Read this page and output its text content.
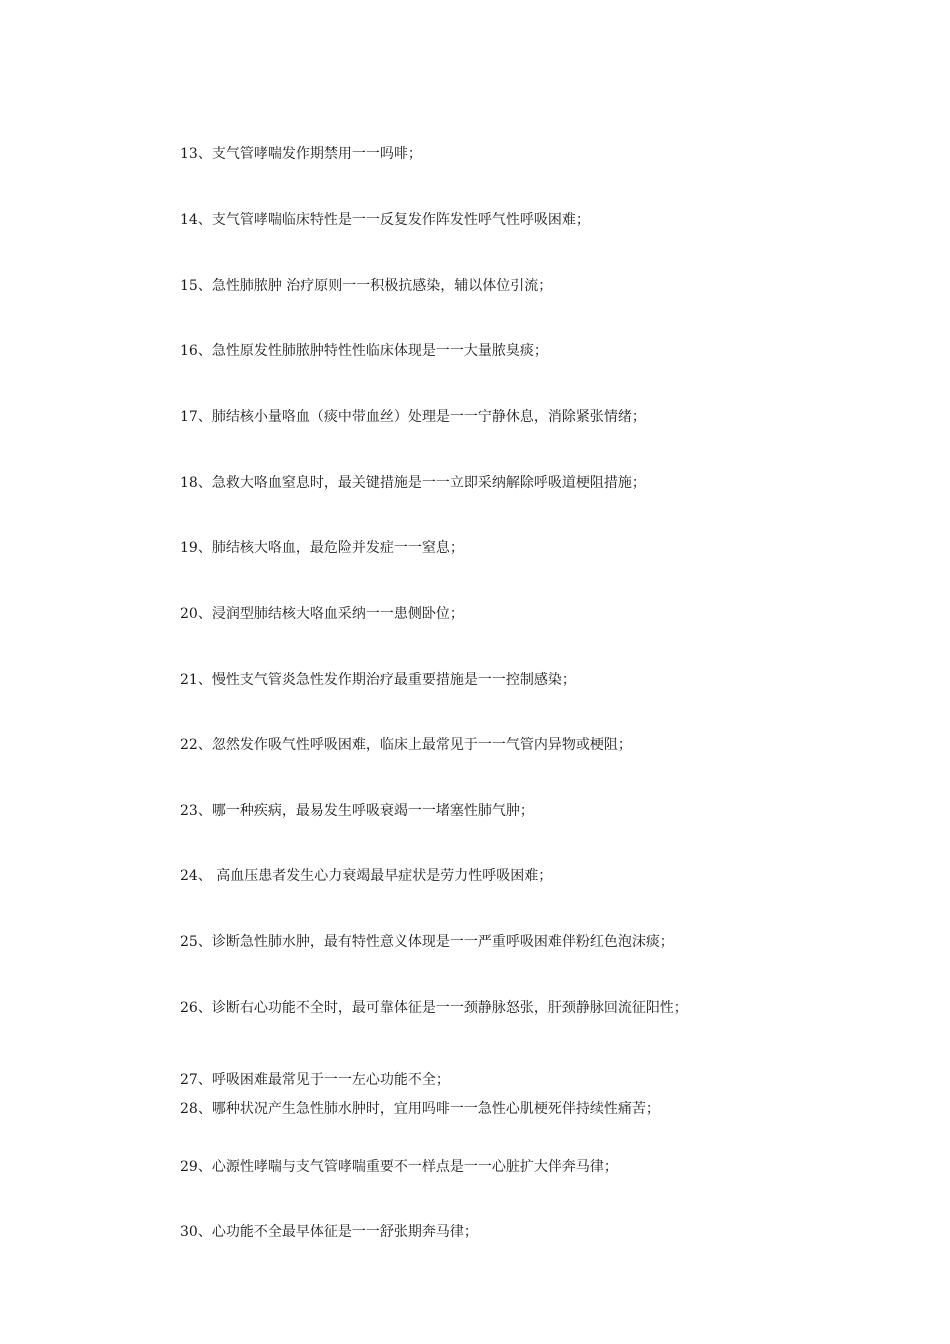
13、支气管哮喘发作期禁用一一吗啡；

14、支气管哮喘临床特性是一一反复发作阵发性呼气性呼吸困难；

15、急性肺脓肿 治疗原则一一积极抗感染，辅以体位引流；

16、急性原发性肺脓肿特性性临床体现是一一大量脓臭痰；

17、肺结核小量咯血（痰中带血丝）处理是一一宁静休息，消除紧张情绪；

18、急救大咯血窒息时，最关键措施是一一立即采纳解除呼吸道梗阻措施；

19、肺结核大咯血，最危险并发症一一窒息；

20、浸润型肺结核大咯血采纳一一患侧卧位；

21、慢性支气管炎急性发作期治疗最重要措施是一一控制感染；

22、忽然发作吸气性呼吸困难，临床上最常见于一一气管内异物或梗阻；

23、哪一种疾病，最易发生呼吸衰竭一一堵塞性肺气肿；

24、 高血压患者发生心力衰竭最早症状是劳力性呼吸困难；

25、诊断急性肺水肿，最有特性意义体现是一一严重呼吸困难伴粉红色泡沫痰；

26、诊断右心功能不全时，最可靠体征是一一颈静脉怒张，肝颈静脉回流征阳性；

27、呼吸困难最常见于一一左心功能不全；

28、哪种状况产生急性肺水肿时，宜用吗啡一一急性心肌梗死伴持续性痛苦；

29、心源性哮喘与支气管哮喘重要不一样点是一一心脏扩大伴奔马律；

30、心功能不全最早体征是一一舒张期奔马律；
